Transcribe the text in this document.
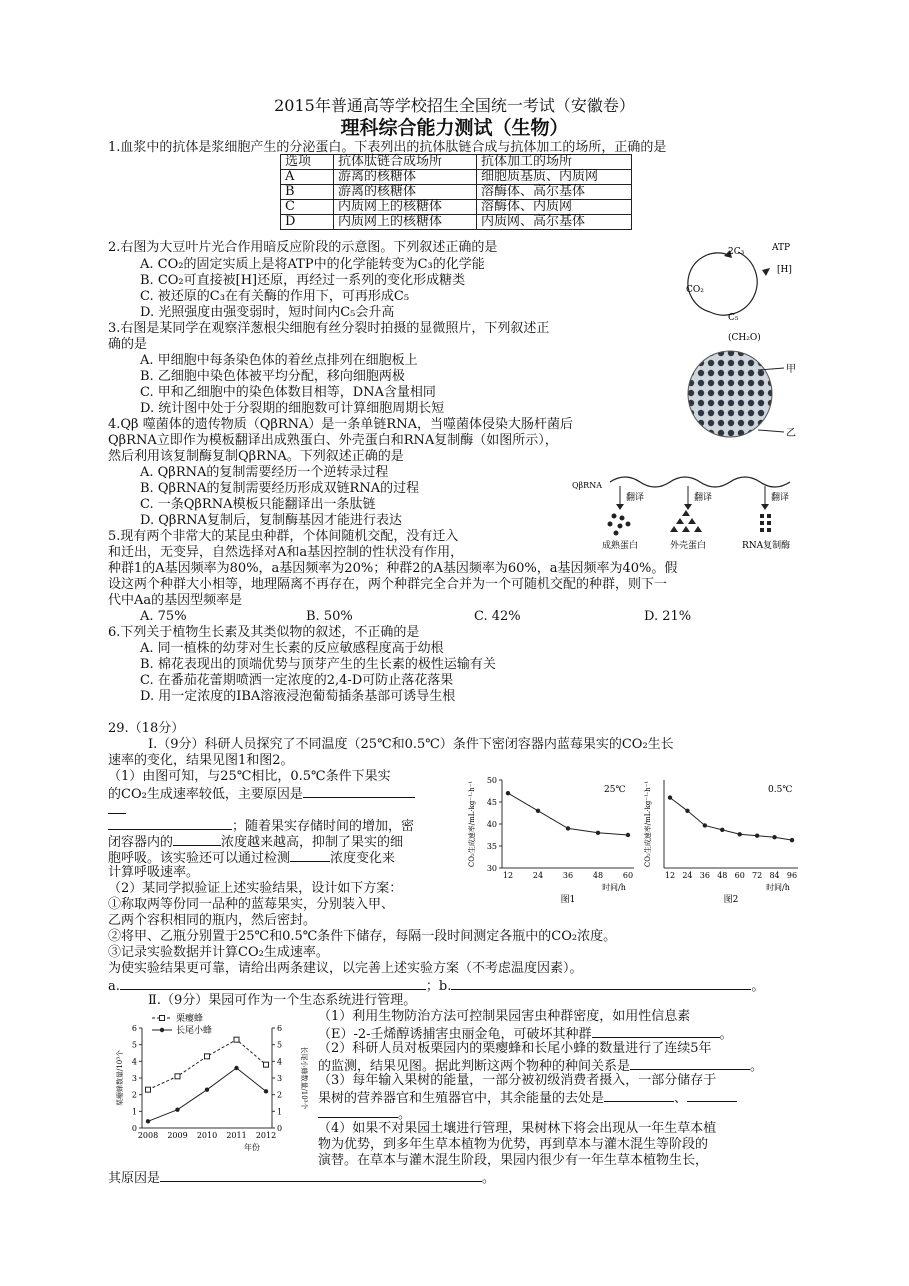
2015年普通高等学校招生全国统一考试（安徽卷）
理科综合能力测试（生物）
1.血浆中的抗体是浆细胞产生的分泌蛋白。下表列出的抗体肽链合成与抗体加工的场所，正确的是
选项	抗体肽链合成场所	抗体加工的场所
A	游离的核糖体	细胞质基质、内质网
B	游离的核糖体	溶酶体、高尔基体
C	内质网上的核糖体	溶酶体、内质网
D	内质网上的核糖体	内质网、高尔基体
2.右图为大豆叶片光合作用暗反应阶段的示意图。下列叙述正确的是
A. CO₂的固定实质上是将ATP中的化学能转变为C₃的化学能
B. CO₂可直接被[H]还原，再经过一系列的变化形成糖类
C. 被还原的C₃在有关酶的作用下，可再形成C₅
D. 光照强度由强变弱时，短时间内C₅会升高
2C₃	ATP
[H]
CO₂
C₅
(CH₂O)
3.右图是某同学在观察洋葱根尖细胞有丝分裂时拍摄的显微照片，下列叙述正
确的是
A. 甲细胞中每条染色体的着丝点排列在细胞板上
B. 乙细胞中染色体被平均分配，移向细胞两极
C. 甲和乙细胞中的染色体数目相等，DNA含量相同
D. 统计图中处于分裂期的细胞数可计算细胞周期长短
甲
乙
4.Qβ 噬菌体的遗传物质（QβRNA）是一条单链RNA，当噬菌体侵染大肠杆菌后
QβRNA立即作为模板翻译出成熟蛋白、外壳蛋白和RNA复制酶（如图所示），
然后利用该复制酶复制QβRNA。下列叙述正确的是
A. QβRNA的复制需要经历一个逆转录过程
B. QβRNA的复制需要经历形成双链RNA的过程
C. 一条QβRNA模板只能翻译出一条肽链
D. QβRNA复制后，复制酶基因才能进行表达
QβRNA
翻译	翻译	翻译
成熟蛋白	外壳蛋白	RNA复制酶
5.现有两个非常大的某昆虫种群，个体间随机交配，没有迁入
和迁出，无变异，自然选择对A和a基因控制的性状没有作用，
种群1的A基因频率为80%，a基因频率为20%；种群2的A基因频率为60%，a基因频率为40%。假
设这两个种群大小相等，地理隔离不再存在，两个种群完全合并为一个可随机交配的种群，则下一
代中Aa的基因型频率是
A. 75%	B. 50%	C. 42%	D. 21%
6.下列关于植物生长素及其类似物的叙述，不正确的是
A. 同一植株的幼芽对生长素的反应敏感程度高于幼根
B. 棉花表现出的顶端优势与顶芽产生的生长素的极性运输有关
C. 在番茄花蕾期喷洒一定浓度的2,4-D可防止落花落果
D. 用一定浓度的IBA溶液浸泡葡萄插条基部可诱导生根
29.（18分）
Ⅰ.（9分）科研人员探究了不同温度（25℃和0.5℃）条件下密闭容器内蓝莓果实的CO₂生长
速率的变化，结果见图1和图2。
（1）由图可知，与25℃相比，0.5℃条件下果实
的CO₂生成速率较低，主要原因是
；随着果实存储时间的增加，密
闭容器内的	浓度越来越高，抑制了果实的细
胞呼吸。该实验还可以通过检测	浓度变化来
计算呼吸速率。
（2）某同学拟验证上述实验结果，设计如下方案：
①称取两等份同一品种的蓝莓果实，分别装入甲、
乙两个容积相同的瓶内，然后密封。
②将甲、乙瓶分别置于25℃和0.5℃条件下储存，每隔一段时间测定各瓶中的CO₂浓度。
③记录实验数据并计算CO₂生成速率。
为使实验结果更可靠，请给出两条建议，以完善上述实验方案（不考虑温度因素）。
a.	；b.	。
Ⅱ.（9分）果园可作为一个生态系统进行管理。
（1）利用生物防治方法可控制果园害虫种群密度，如用性信息素
（E）-2-壬烯醇诱捕害虫丽金龟，可破坏其种群	。
（2）科研人员对板栗园内的栗瘿蜂和长尾小蜂的数量进行了连续5年
的监测，结果见图。据此判断这两个物种的种间关系是	。
（3）每年输入果树的能量，一部分被初级消费者摄入，一部分储存于
果树的营养器官和生殖器官中，其余能量的去处是	、
。
（4）如果不对果园土壤进行管理，果树林下将会出现从一年生草本植
物为优势，到多年生草本植物为优势，再到草本与灌木混生等阶段的
演替。在草本与灌木混生阶段，果园内很少有一年生草本植物生长，
其原因是	。
12 24 36 48 60
30
35
40
45
50
25℃
时间/h
图1
CO₂生成速率/mL·kg⁻¹·h⁻¹
12 24 36 48 60 72 84 96
0.5℃
时间/h
图2
CO₂生成速率/mL·kg⁻¹·h⁻¹
2008 2009 2010 2011 2012
0
1
2
3
4
5
6
年份
栗瘿蜂数量/10³个
0
1
2
3
4
5
6
长尾小蜂数量/10³个
栗瘿蜂
长尾小蜂
